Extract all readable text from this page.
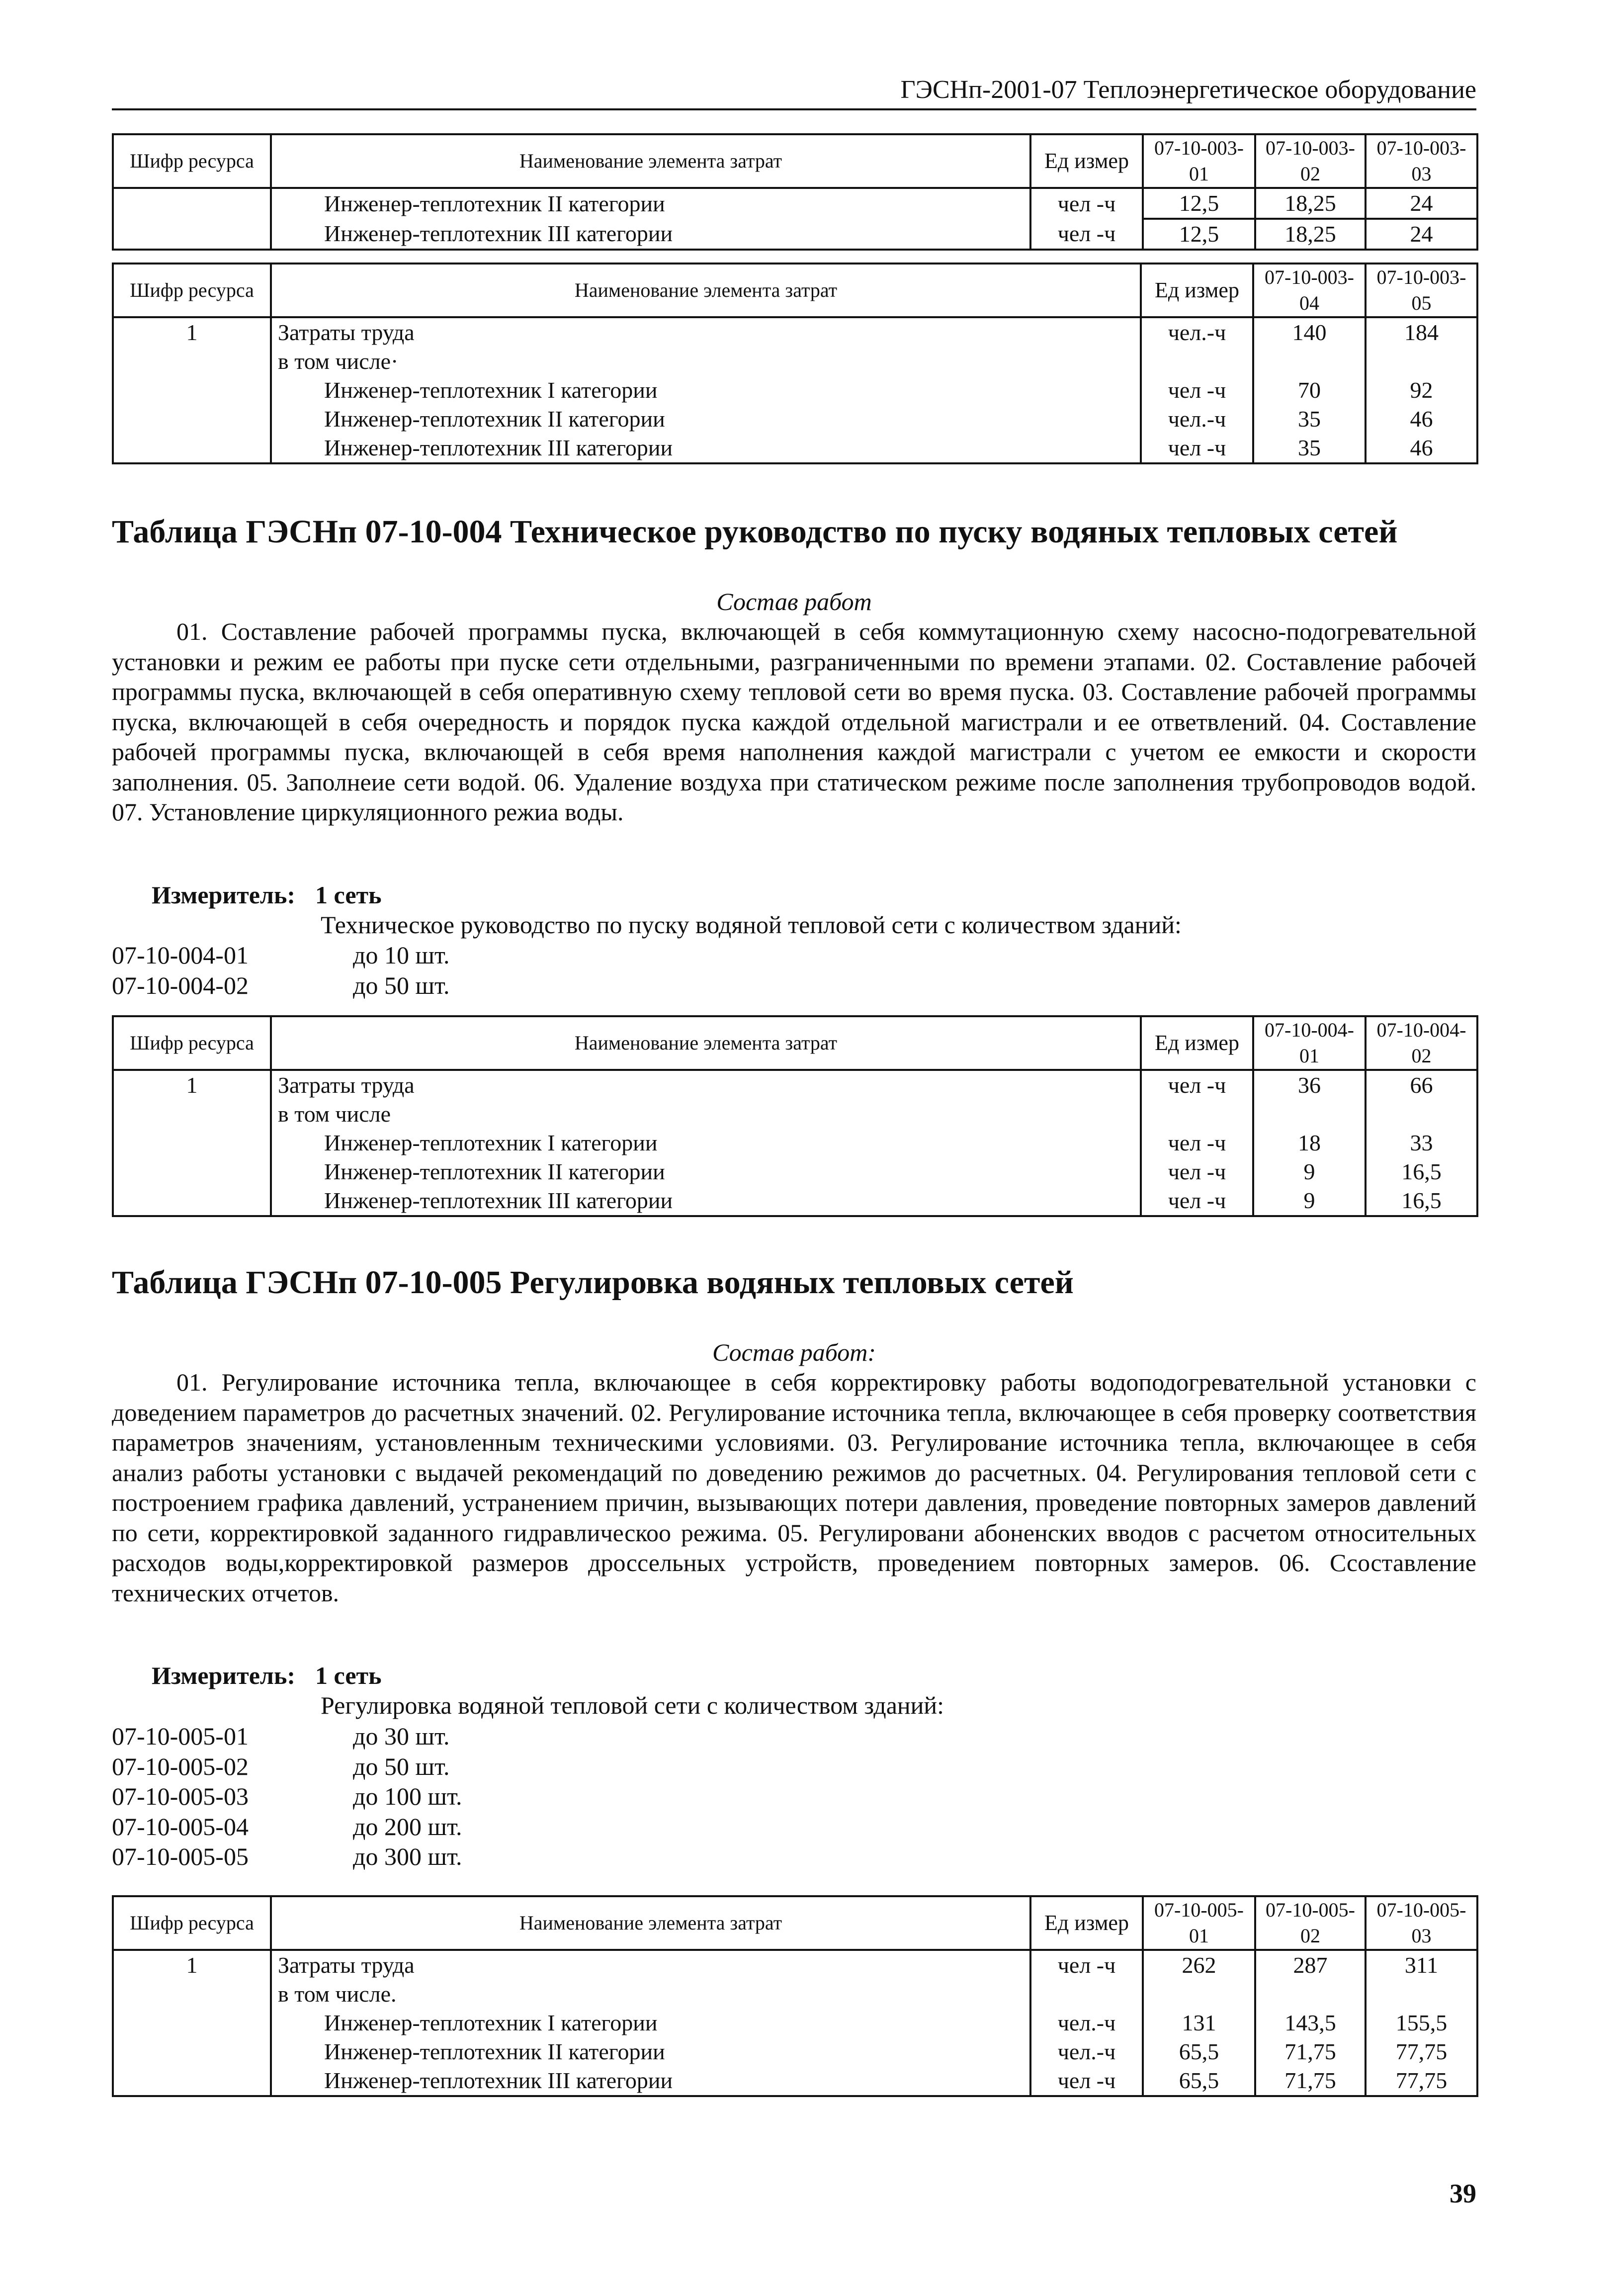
ГЭСНп-2001-07 Теплоэнергетическое оборудование
Шифр ресурса	Наименование элемента затрат	Ед измер	07-10-003-01	07-10-003-02	07-10-003-03
	Инженер-теплотехник II категории	чел -ч	12,5	18,25	24
	Инженер-теплотехник III категории	чел -ч	12,5	18,25	24
Шифр ресурса	Наименование элемента затрат	Ед измер	07-10-003-04	07-10-003-05
1	Затраты труда	чел.-ч	140	184
	в том числе·			
	Инженер-теплотехник I категории	чел -ч	70	92
	Инженер-теплотехник II категории	чел.-ч	35	46
	Инженер-теплотехник III категории	чел -ч	35	46
Таблица ГЭСНп 07-10-004 Техническое руководство по пуску водяных тепловых сетей
Состав работ
01. Составление рабочей программы пуска, включающей в себя коммутационную схему насосно-подогревательной установки и режим ее работы при пуске сети отдельными, разграниченными по времени этапами. 02. Составление рабочей программы пуска, включающей в себя оперативную схему тепловой сети во время пуска. 03. Составление рабочей программы пуска, включающей в себя очередность и порядок пуска каждой отдельной магистрали и ее ответвлений. 04. Составление рабочей программы пуска, включающей в себя время наполнения каждой магистрали с учетом ее емкости и скорости заполнения. 05. Заполнеие сети водой. 06. Удаление воздуха при статическом режиме после заполнения трубопроводов водой. 07. Установление циркуляционного режиа воды.
Измеритель: 1 сеть
Техническое руководство по пуску водяной тепловой сети с количеством зданий:
07-10-004-01	до 10 шт.
07-10-004-02	до 50 шт.
Шифр ресурса	Наименование элемента затрат	Ед измер	07-10-004-01	07-10-004-02
1	Затраты труда	чел -ч	36	66
	в том числе			
	Инженер-теплотехник I категории	чел -ч	18	33
	Инженер-теплотехник II категории	чел -ч	9	16,5
	Инженер-теплотехник III категории	чел -ч	9	16,5
Таблица ГЭСНп 07-10-005 Регулировка водяных тепловых сетей
Состав работ:
01. Регулирование источника тепла, включающее в себя корректировку работы водоподогревательной установки с доведением параметров до расчетных значений. 02. Регулирование источника тепла, включающее в себя проверку соответствия параметров значениям, установленным техническими условиями. 03. Регулирование источника тепла, включающее в себя анализ работы установки с выдачей рекомендаций по доведению режимов до расчетных. 04. Регулирования тепловой сети с построением графика давлений, устранением причин, вызывающих потери давления, проведение повторных замеров давлений по сети, корректировкой заданного гидравлическоо режима. 05. Регулировани абоненских вводов с расчетом относительных расходов воды,корректировкой размеров дроссельных устройств, проведением повторных замеров. 06. Ссоставление технических отчетов.
Измеритель: 1 сеть
Регулировка водяной тепловой сети с количеством зданий:
07-10-005-01	до 30 шт.
07-10-005-02	до 50 шт.
07-10-005-03	до 100 шт.
07-10-005-04	до 200 шт.
07-10-005-05	до 300 шт.
Шифр ресурса	Наименование элемента затрат	Ед измер	07-10-005-01	07-10-005-02	07-10-005-03
1	Затраты труда	чел -ч	262	287	311
	в том числе.				
	Инженер-теплотехник I категории	чел.-ч	131	143,5	155,5
	Инженер-теплотехник II категории	чел.-ч	65,5	71,75	77,75
	Инженер-теплотехник III категории	чел -ч	65,5	71,75	77,75
39
